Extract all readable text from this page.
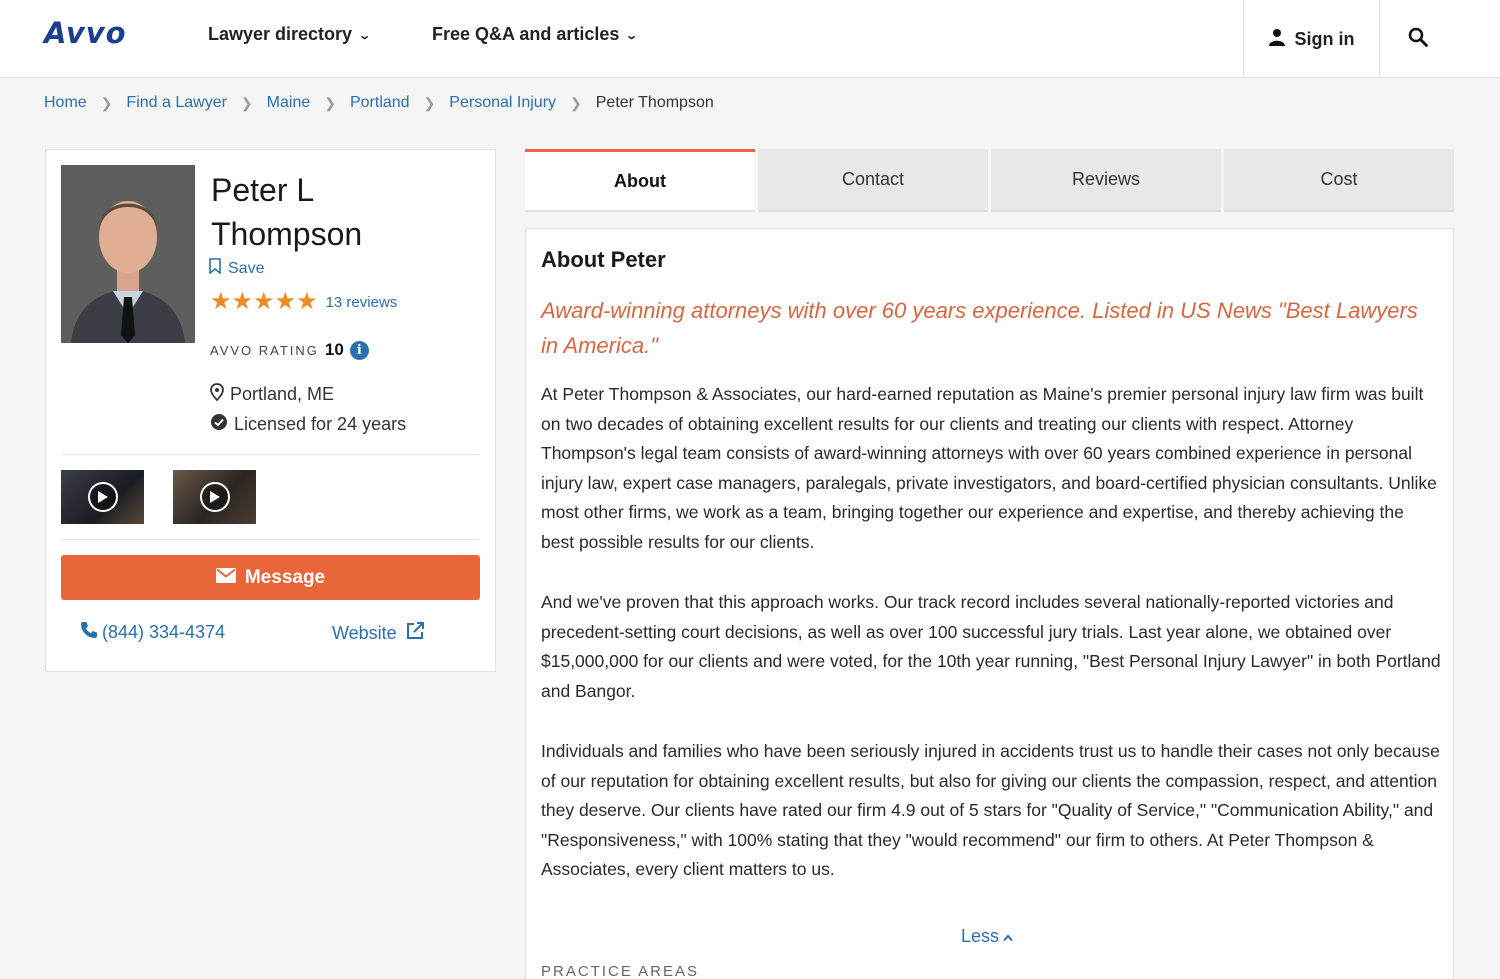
Avvo	Lawyer directory ⌄	Free Q&A and articles ⌄	Sign in
Home ❯ Find a Lawyer ❯ Maine ❯ Portland ❯ Personal Injury ❯ Peter Thompson
Peter L Thompson
Save
★★★★★ 13 reviews
AVVO RATING 10	i
Portland, ME
Licensed for 24 years
Message
(844) 334-4374	Website
About	Contact	Reviews	Cost
About Peter
Award-winning attorneys with over 60 years experience. Listed in US News "Best Lawyers in America."
At Peter Thompson & Associates, our hard-earned reputation as Maine's premier personal injury law firm was built on two decades of obtaining excellent results for our clients and treating our clients with respect. Attorney Thompson's legal team consists of award-winning attorneys with over 60 years combined experience in personal injury law, expert case managers, paralegals, private investigators, and board-certified physician consultants. Unlike most other firms, we work as a team, bringing together our experience and expertise, and thereby achieving the best possible results for our clients.
And we've proven that this approach works. Our track record includes several nationally-reported victories and precedent-setting court decisions, as well as over 100 successful jury trials. Last year alone, we obtained over $15,000,000 for our clients and were voted, for the 10th year running, "Best Personal Injury Lawyer" in both Portland and Bangor.
Individuals and families who have been seriously injured in accidents trust us to handle their cases not only because of our reputation for obtaining excellent results, but also for giving our clients the compassion, respect, and attention they deserve. Our clients have rated our firm 4.9 out of 5 stars for "Quality of Service," "Communication Ability," and "Responsiveness," with 100% stating that they "would recommend" our firm to others. At Peter Thompson & Associates, every client matters to us.
Less
PRACTICE AREAS
